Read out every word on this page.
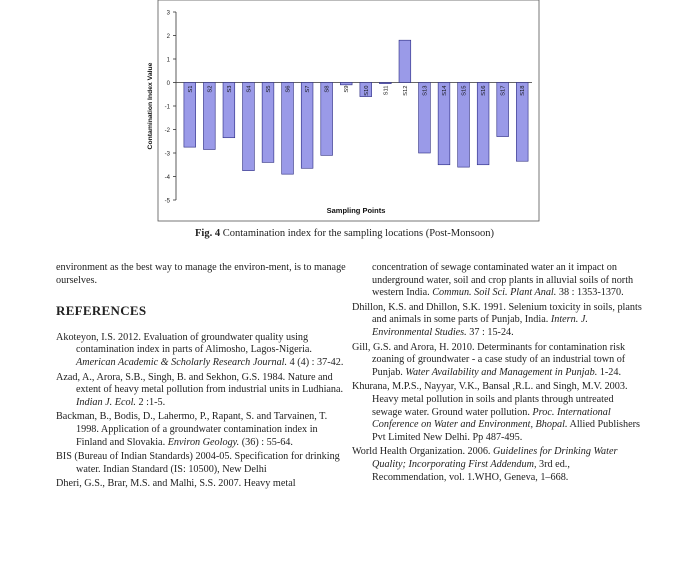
3
2
1
0
-1
-2
-3
-4
-5
S1 S2 S3 S4 S5 S6 S7 S8 S9 S10 S11 S12 S13 S14 S15 S16 S17 S18
Sampling Points
Contamination Index Value
Fig. 4 Contamination index for the sampling locations (Post-Monsoon)

environment as the best way to manage the environ-ment, is to manage ourselves.

REFERENCES

Akoteyon, I.S. 2012. Evaluation of groundwater quality using contamination index in parts of Alimosho, Lagos-Nigeria. American Academic & Scholarly Research Journal. 4 (4) : 37-42.

Azad, A., Arora, S.B., Singh, B. and Sekhon, G.S. 1984. Nature and extent of heavy metal pollution from industrial units in Ludhiana. Indian J. Ecol. 2 :1-5.

Backman, B., Bodis, D., Lahermo, P., Rapant, S. and Tarvainen, T. 1998. Application of a groundwater contamination index in Finland and Slovakia. Environ Geology. (36) : 55-64.

BIS (Bureau of Indian Standards) 2004-05. Specification for drinking water. Indian Standard (IS: 10500), New Delhi

Dheri, G.S., Brar, M.S. and Malhi, S.S. 2007. Heavy metal

concentration of sewage contaminated water an it impact on underground water, soil and crop plants in alluvial soils of north western India. Commun. Soil Sci. Plant Anal. 38 : 1353-1370.

Dhillon, K.S. and Dhillon, S.K. 1991. Selenium toxicity in soils, plants and animals in some parts of Punjab, India. Intern. J. Environmental Studies. 37 : 15-24.

Gill, G.S. and Arora, H. 2010. Determinants for contamination risk zoaning of groundwater - a case study of an industrial town of Punjab. Water Availability and Management in Punjab. 1-24.

Khurana, M.P.S., Nayyar, V.K., Bansal ,R.L. and Singh, M.V. 2003. Heavy metal pollution in soils and plants through untreated sewage water. Ground water pollution. Proc. International Conference on Water and Environment, Bhopal. Allied Publishers Pvt Limited New Delhi. Pp 487-495.

World Health Organization. 2006. Guidelines for Drinking Water Quality; Incorporating First Addendum, 3rd ed., Recommendation, vol. 1.WHO, Geneva, 1–668.
